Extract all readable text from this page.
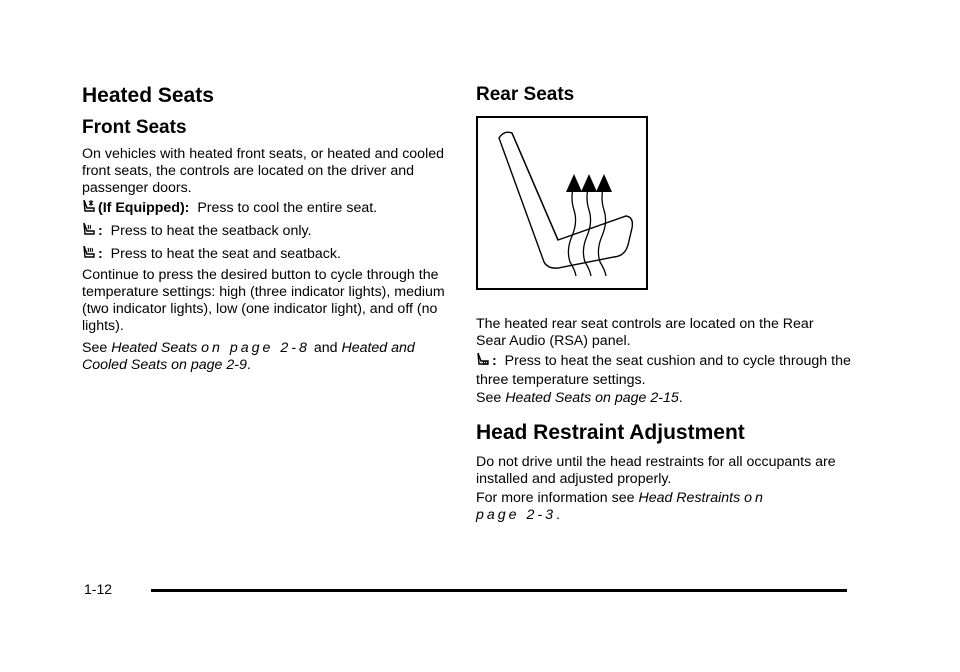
Heated Seats
Front Seats

On vehicles with heated front seats, or heated and cooled front seats, the controls are located on the driver and passenger doors.

(If Equipped): Press to cool the entire seat.

: Press to heat the seatback only.

: Press to heat the seat and seatback.

Continue to press the desired button to cycle through the temperature settings: high (three indicator lights), medium (two indicator lights), low (one indicator light), and off (no lights).

See Heated Seats on page 2-8 and Heated and Cooled Seats on page 2-9.

Rear Seats

The heated rear seat controls are located on the Rear Sear Audio (RSA) panel.

: Press to heat the seat cushion and to cycle through the three temperature settings.

See Heated Seats on page 2-15.

Head Restraint Adjustment

Do not drive until the head restraints for all occupants are installed and adjusted properly.

For more information see Head Restraints on page 2-3.

1-12
